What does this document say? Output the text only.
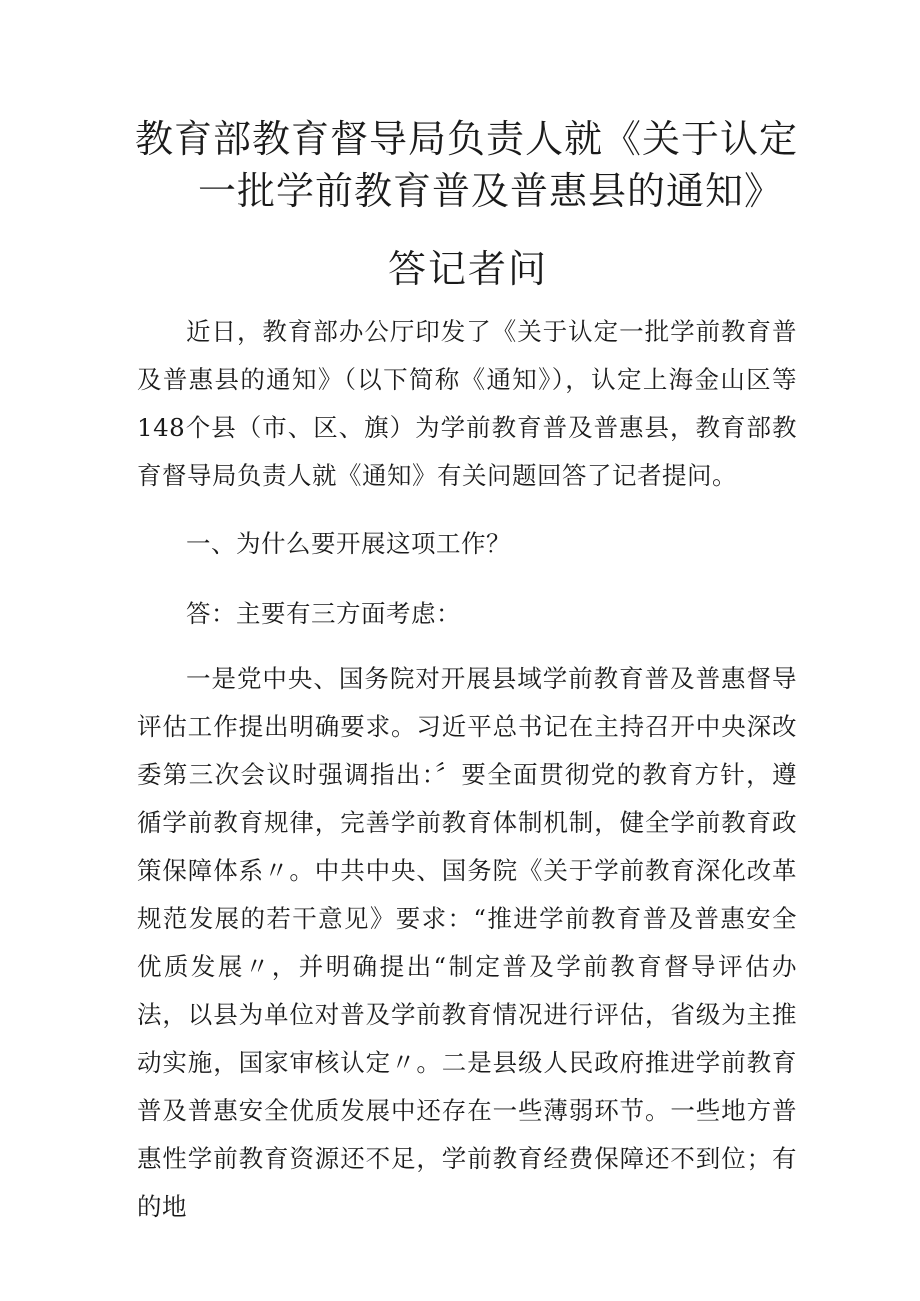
教育部教育督导局负责人就《关于认定
一批学前教育普及普惠县的通知》
答记者问

近日，教育部办公厅印发了《关于认定一批学前教育普及普惠县的通知》（以下简称《通知》），认定上海金山区等148个县（市、区、旗）为学前教育普及普惠县，教育部教育督导局负责人就《通知》有关问题回答了记者提问。

一、为什么要开展这项工作？

答：主要有三方面考虑：

一是党中央、国务院对开展县域学前教育普及普惠督导评估工作提出明确要求。习近平总书记在主持召开中央深改委第三次会议时强调指出：〞要全面贯彻党的教育方针，遵循学前教育规律，完善学前教育体制机制，健全学前教育政策保障体系〃。中共中央、国务院《关于学前教育深化改革规范发展的若干意见》要求：“推进学前教育普及普惠安全优质发展〃，并明确提出“制定普及学前教育督导评估办法，以县为单位对普及学前教育情况进行评估，省级为主推动实施，国家审核认定〃。二是县级人民政府推进学前教育普及普惠安全优质发展中还存在一些薄弱环节。一些地方普惠性学前教育资源还不足，学前教育经费保障还不到位；有的地
